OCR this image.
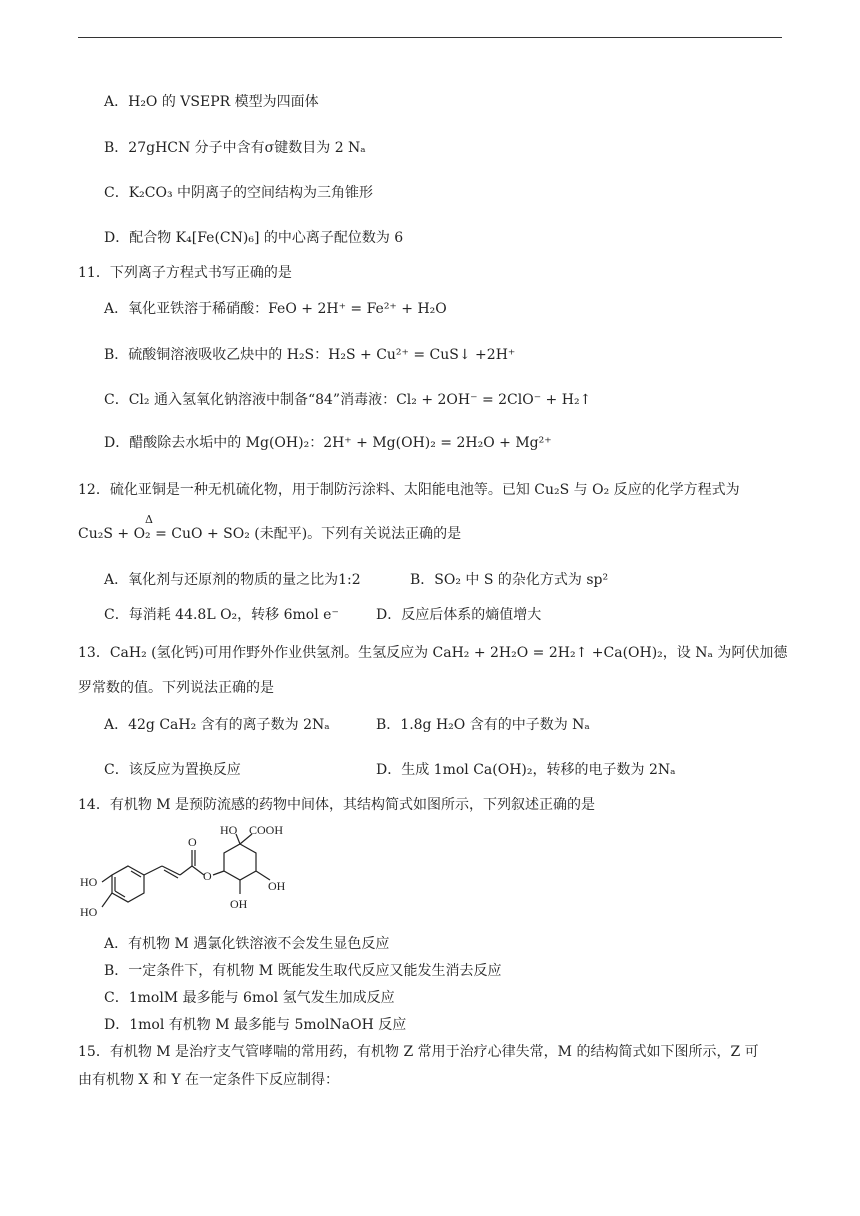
A．H₂O 的 VSEPR 模型为四面体
B．27gHCN 分子中含有σ键数目为 2 Nₐ
C．K₂CO₃ 中阴离子的空间结构为三角锥形
D．配合物 K₄[Fe(CN)₆] 的中心离子配位数为 6
11．下列离子方程式书写正确的是
A．氧化亚铁溶于稀硝酸：FeO + 2H⁺ = Fe²⁺ + H₂O
B．硫酸铜溶液吸收乙炔中的 H₂S：H₂S + Cu²⁺ = CuS↓ +2H⁺
C．Cl₂ 通入氢氧化钠溶液中制备“84”消毒液：Cl₂ + 2OH⁻ = 2ClO⁻ + H₂↑
D．醋酸除去水垢中的 Mg(OH)₂：2H⁺ + Mg(OH)₂ = 2H₂O + Mg²⁺
12．硫化亚铜是一种无机硫化物，用于制防污涂料、太阳能电池等。已知 Cu₂S 与 O₂ 反应的化学方程式为
Δ
Cu₂S + O₂ = CuO + SO₂ (未配平)。下列有关说法正确的是
A．氧化剂与还原剂的物质的量之比为1:2	B．SO₂ 中 S 的杂化方式为 sp²
C．每消耗 44.8L O₂，转移 6mol e⁻	D．反应后体系的熵值增大
13．CaH₂ (氢化钙)可用作野外作业供氢剂。生氢反应为 CaH₂ + 2H₂O = 2H₂↑ +Ca(OH)₂，设 Nₐ 为阿伏加德
罗常数的值。下列说法正确的是
A．42g CaH₂ 含有的离子数为 2Nₐ	B．1.8g H₂O 含有的中子数为 Nₐ
C．该反应为置换反应	D．生成 1mol Ca(OH)₂，转移的电子数为 2Nₐ
14．有机物 M 是预防流感的药物中间体，其结构简式如图所示，下列叙述正确的是
HO
HO
O
O
HO COOH
OH
OH
A．有机物 M 遇氯化铁溶液不会发生显色反应
B．一定条件下，有机物 M 既能发生取代反应又能发生消去反应
C．1molM 最多能与 6mol 氢气发生加成反应
D．1mol 有机物 M 最多能与 5molNaOH 反应
15．有机物 M 是治疗支气管哮喘的常用药，有机物 Z 常用于治疗心律失常，M 的结构简式如下图所示，Z 可
由有机物 X 和 Y 在一定条件下反应制得：
